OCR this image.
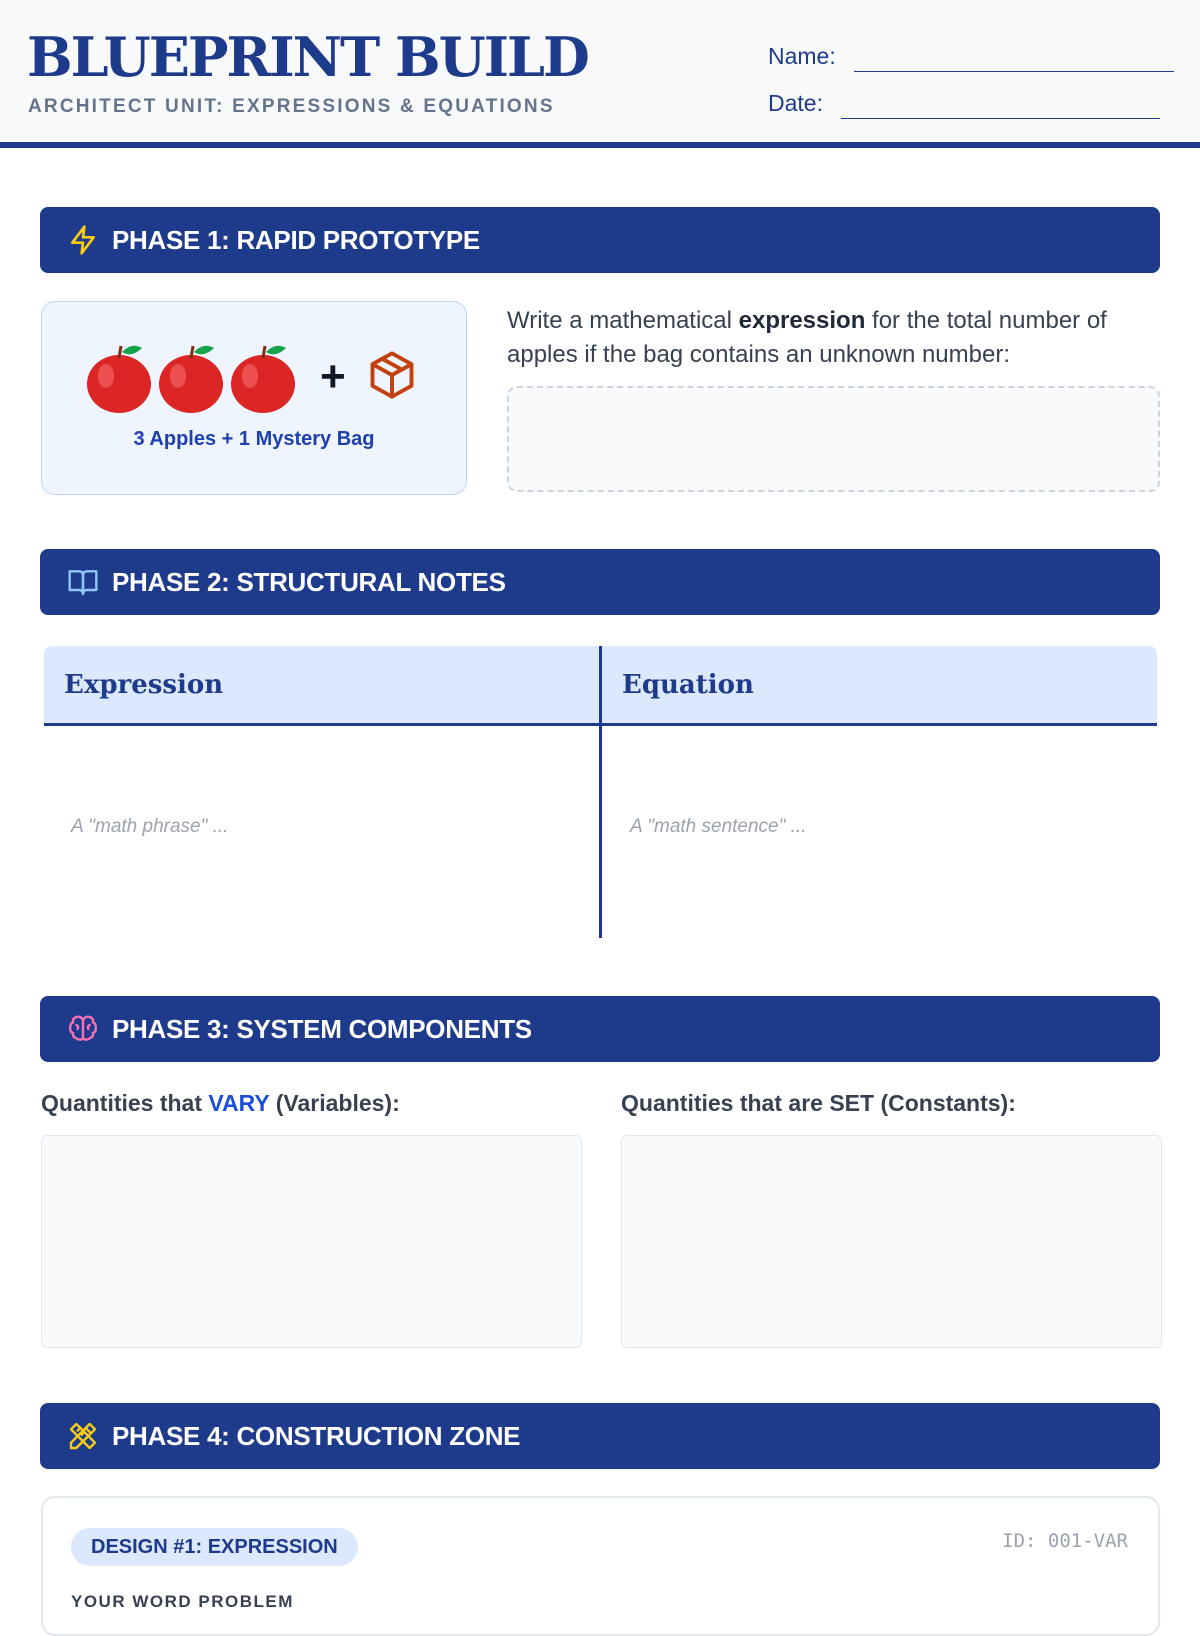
BLUEPRINT BUILD
ARCHITECT UNIT: EXPRESSIONS & EQUATIONS
Name:
Date:
PHASE 1: RAPID PROTOTYPE
+
3 Apples + 1 Mystery Bag
Write a mathematical expression for the total number of apples if the bag contains an unknown number:
PHASE 2: STRUCTURAL NOTES
Expression	Equation
A "math phrase" ...	A "math sentence" ...
PHASE 3: SYSTEM COMPONENTS
Quantities that VARY (Variables):	Quantities that are SET (Constants):
PHASE 4: CONSTRUCTION ZONE
DESIGN #1: EXPRESSION	ID: 001-VAR
YOUR WORD PROBLEM
